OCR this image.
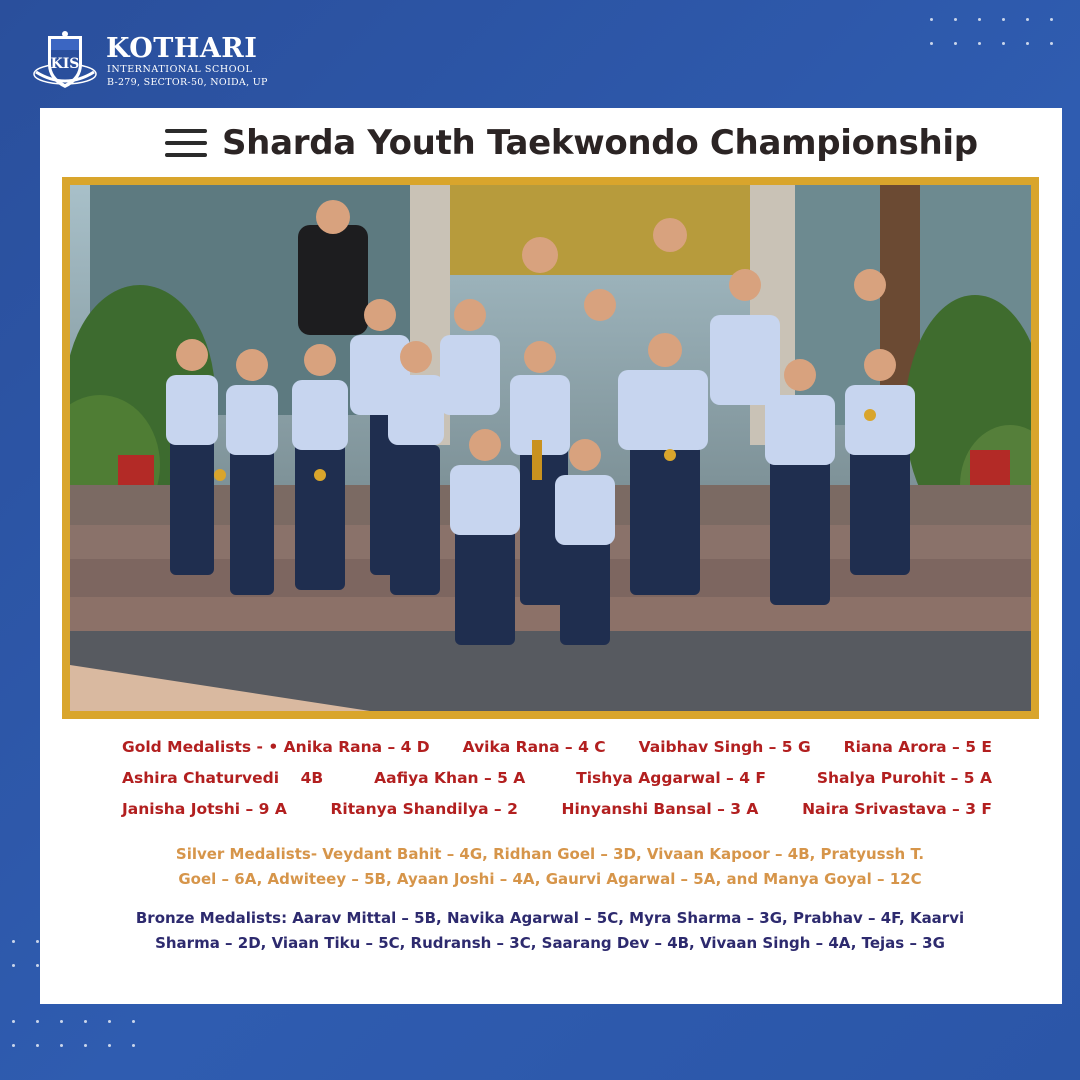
KIS KOTHARI
INTERNATIONAL SCHOOL
B-279, SECTOR-50, NOIDA, UP
Sharda Youth Taekwondo Championship
Gold Medalists - • Anika Rana – 4 D Avika Rana – 4 C Vaibhav Singh – 5 G Riana Arora – 5 E
Ashira Chaturvedi    4B	Aafiya Khan – 5 A	Tishya Aggarwal – 4 F	Shalya Purohit – 5 A
Janisha Jotshi – 9 A	Ritanya Shandilya – 2	Hinyanshi Bansal – 3 A	Naira Srivastava – 3 F
Silver Medalists- Veydant Bahit – 4G, Ridhan Goel – 3D, Vivaan Kapoor – 4B, Pratyussh T.
Goel – 6A, Adwiteey – 5B, Ayaan Joshi – 4A, Gaurvi Agarwal – 5A, and Manya Goyal – 12C
Bronze Medalists: Aarav Mittal – 5B, Navika Agarwal – 5C, Myra Sharma – 3G, Prabhav – 4F, Kaarvi
Sharma – 2D, Viaan Tiku – 5C, Rudransh – 3C, Saarang Dev – 4B, Vivaan Singh – 4A, Tejas – 3G
